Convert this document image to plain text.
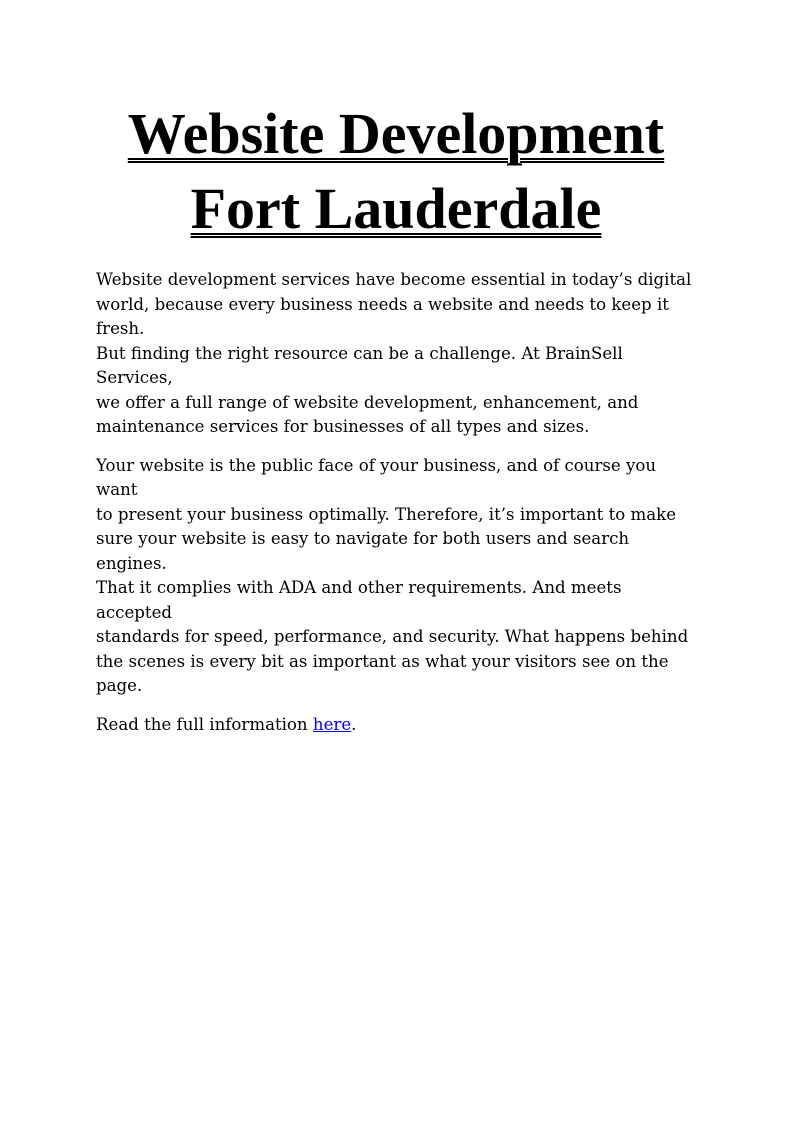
Website Development
Fort Lauderdale

Website development services have become essential in today’s digital
world, because every business needs a website and needs to keep it fresh.
But finding the right resource can be a challenge. At BrainSell Services,
we offer a full range of website development, enhancement, and
maintenance services for businesses of all types and sizes.

Your website is the public face of your business, and of course you want
to present your business optimally. Therefore, it’s important to make
sure your website is easy to navigate for both users and search engines.
That it complies with ADA and other requirements. And meets accepted
standards for speed, performance, and security. What happens behind
the scenes is every bit as important as what your visitors see on the page.

Read the full information here.
